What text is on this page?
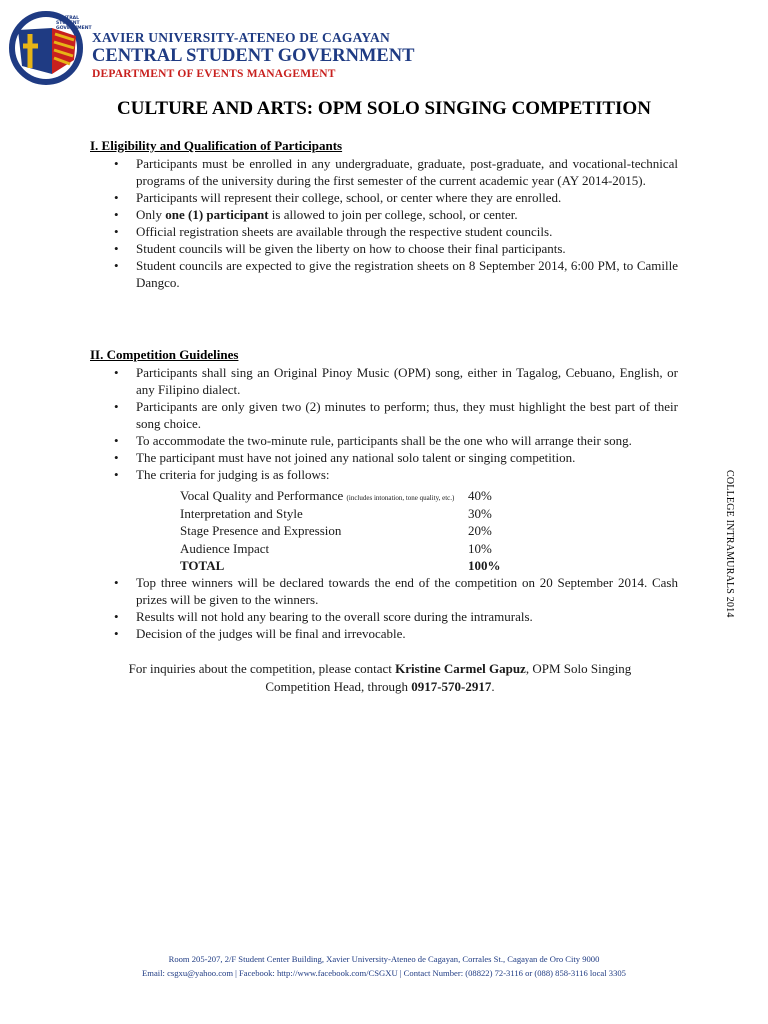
CENTRAL STUDENT GOVERNMENT
XAVIER UNIVERSITY-ATENEO DE CAGAYAN
CENTRAL STUDENT GOVERNMENT
DEPARTMENT OF EVENTS MANAGEMENT
CULTURE AND ARTS: OPM SOLO SINGING COMPETITION
I. Eligibility and Qualification of Participants
• Participants must be enrolled in any undergraduate, graduate, post-graduate, and vocational-technical programs of the university during the first semester of the current academic year (AY 2014-2015).
• Participants will represent their college, school, or center where they are enrolled.
• Only one (1) participant is allowed to join per college, school, or center.
• Official registration sheets are available through the respective student councils.
• Student councils will be given the liberty on how to choose their final participants.
• Student councils are expected to give the registration sheets on 8 September 2014, 6:00 PM, to Camille Dangco.
II. Competition Guidelines
• Participants shall sing an Original Pinoy Music (OPM) song, either in Tagalog, Cebuano, English, or any Filipino dialect.
• Participants are only given two (2) minutes to perform; thus, they must highlight the best part of their song choice.
• To accommodate the two-minute rule, participants shall be the one who will arrange their song.
• The participant must have not joined any national solo talent or singing competition.
• The criteria for judging is as follows:
Vocal Quality and Performance (includes intonation, tone quality, etc.) 40%
Interpretation and Style	30%
Stage Presence and Expression	20%
Audience Impact	10%
TOTAL	100%
• Top three winners will be declared towards the end of the competition on 20 September 2014. Cash prizes will be given to the winners.
• Results will not hold any bearing to the overall score during the intramurals.
• Decision of the judges will be final and irrevocable.
For inquiries about the competition, please contact Kristine Carmel Gapuz, OPM Solo Singing Competition Head, through 0917-570-2917.
COLLEGE INTRAMURALS 2014
Room 205-207, 2/F Student Center Building, Xavier University-Ateneo de Cagayan, Corrales St., Cagayan de Oro City 9000
Email: csgxu@yahoo.com | Facebook: http://www.facebook.com/CSGXU | Contact Number: (08822) 72-3116 or (088) 858-3116 local 3305
